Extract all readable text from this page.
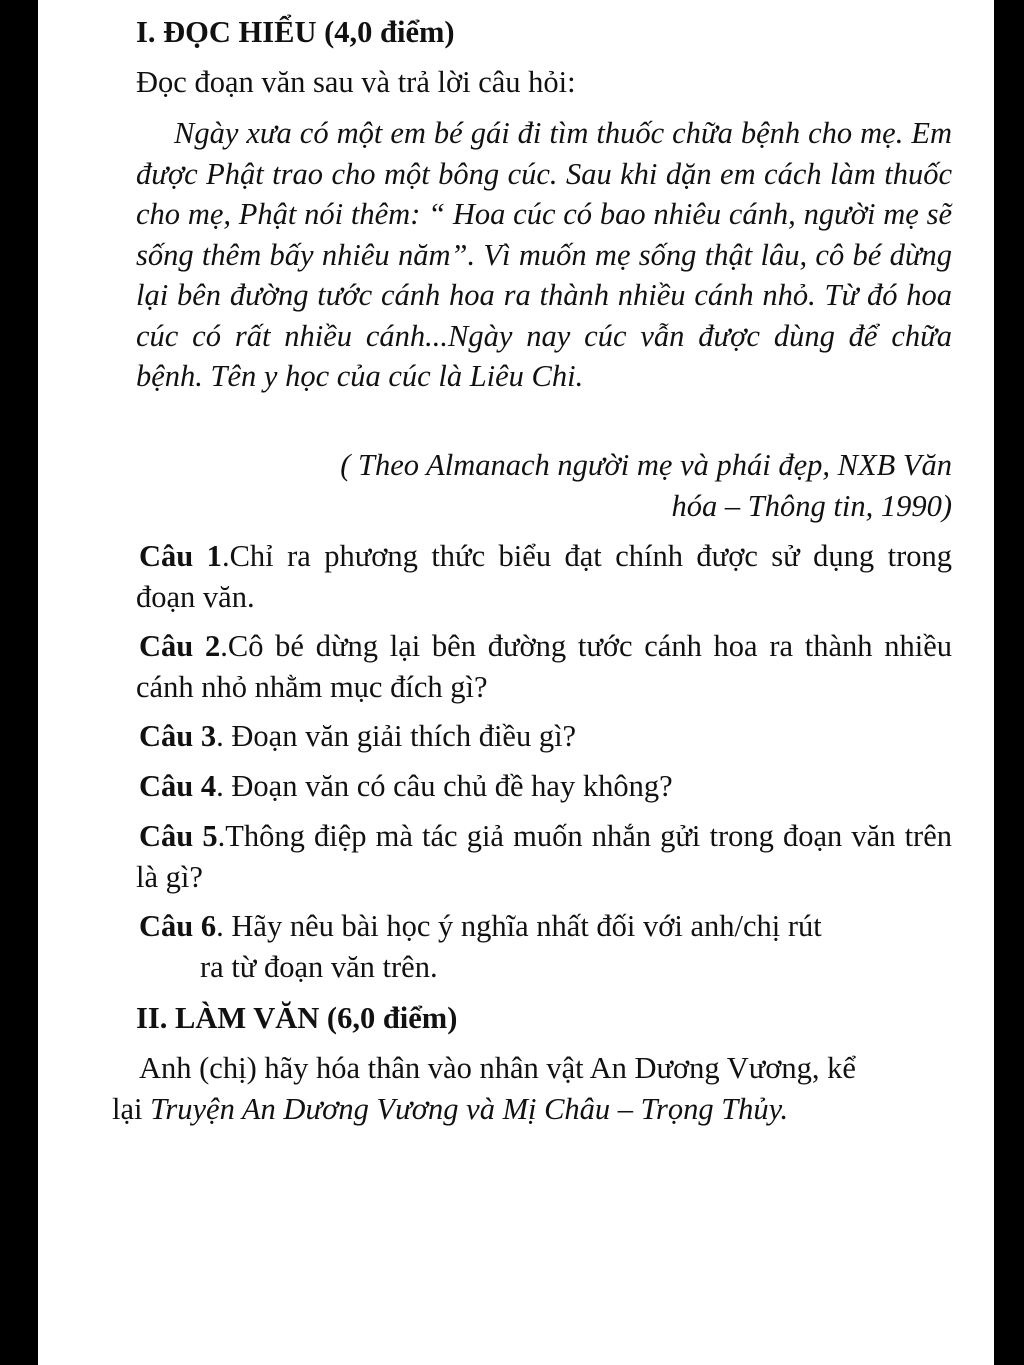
I. ĐỌC HIỂU (4,0 điểm)
Đọc đoạn văn sau và trả lời câu hỏi:
Ngày xưa có một em bé gái đi tìm thuốc chữa bệnh cho mẹ. Em được Phật trao cho một bông cúc. Sau khi dặn em cách làm thuốc cho mẹ, Phật nói thêm: “ Hoa cúc có bao nhiêu cánh, người mẹ sẽ sống thêm bấy nhiêu năm”. Vì muốn mẹ sống thật lâu, cô bé dừng lại bên đường tước cánh hoa ra thành nhiều cánh nhỏ. Từ đó hoa cúc có rất nhiều cánh...Ngày nay cúc vẫn được dùng để chữa bệnh. Tên y học của cúc là Liêu Chi.
( Theo Almanach người mẹ và phái đẹp, NXB Văn
hóa – Thông tin, 1990)
Câu 1.Chỉ ra phương thức biểu đạt chính được sử dụng trong đoạn văn.
Câu 2.Cô bé dừng lại bên đường tước cánh hoa ra thành nhiều cánh nhỏ nhằm mục đích gì?
Câu 3. Đoạn văn giải thích điều gì?
Câu 4. Đoạn văn có câu chủ đề hay không?
Câu 5.Thông điệp mà tác giả muốn nhắn gửi trong đoạn văn trên là gì?
Câu 6. Hãy nêu bài học ý nghĩa nhất đối với anh/chị rút
ra từ đoạn văn trên.
II. LÀM VĂN (6,0 điểm)
Anh (chị) hãy hóa thân vào nhân vật An Dương Vương, kể
lại Truyện An Dương Vương và Mị Châu – Trọng Thủy.
